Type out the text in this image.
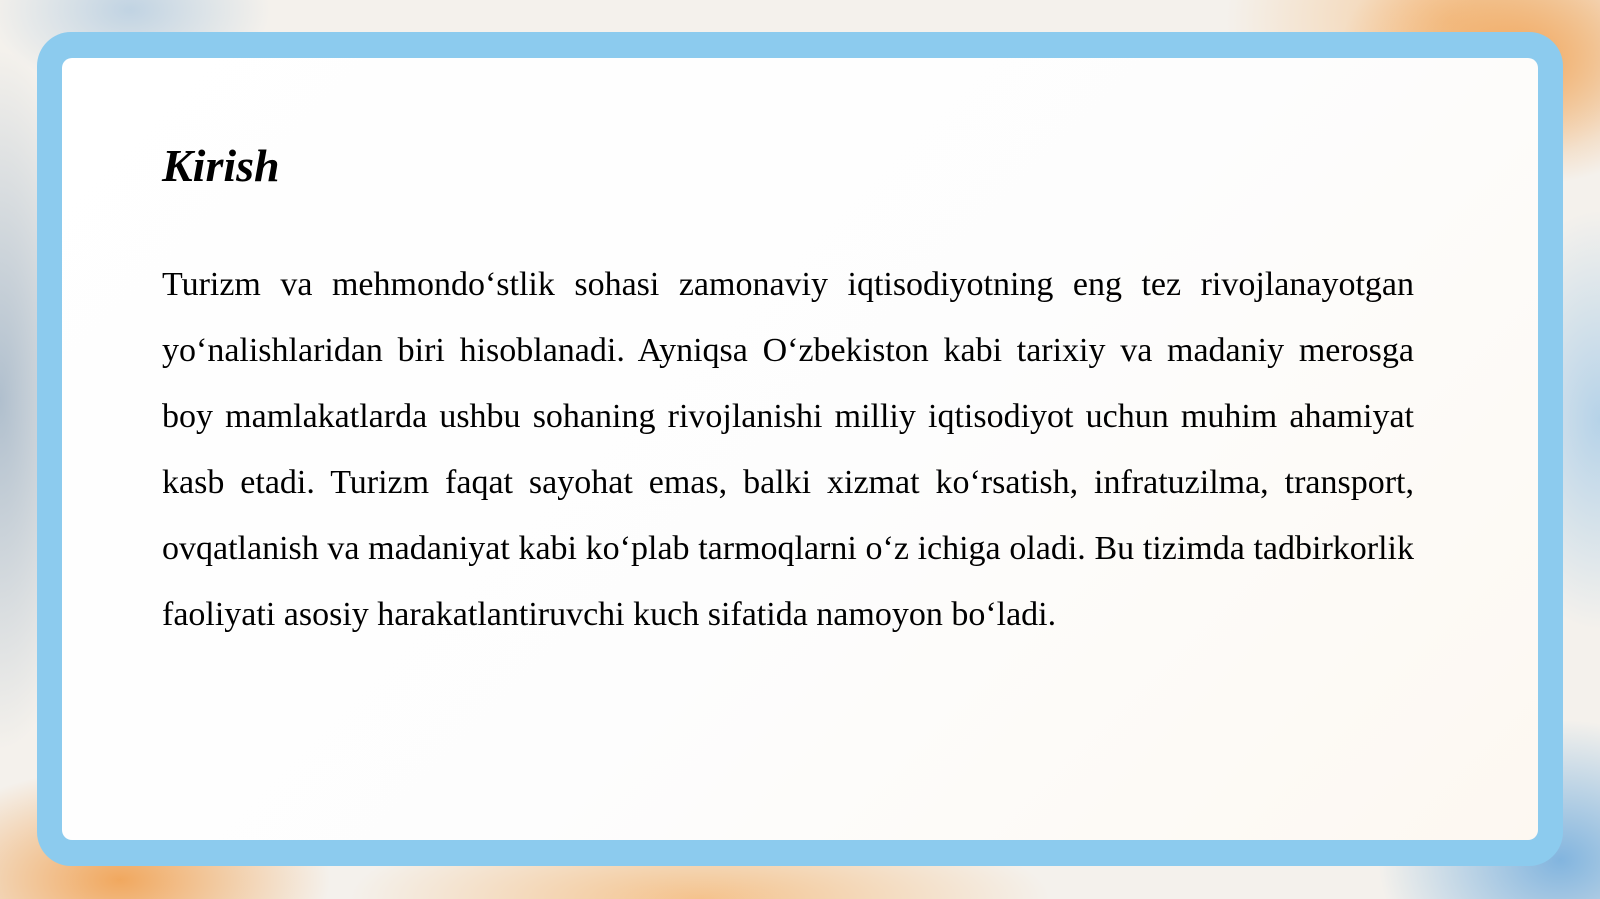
Kirish

Turizm va mehmondo‘stlik sohasi zamonaviy iqtisodiyotning eng tez rivojlanayotgan yo‘nalishlaridan biri hisoblanadi. Ayniqsa O‘zbekiston kabi tarixiy va madaniy merosga boy mamlakatlarda ushbu sohaning rivojlanishi milliy iqtisodiyot uchun muhim ahamiyat kasb etadi. Turizm faqat sayohat emas, balki xizmat ko‘rsatish, infratuzilma, transport, ovqatlanish va madaniyat kabi ko‘plab tarmoqlarni o‘z ichiga oladi. Bu tizimda tadbirkorlik faoliyati asosiy harakatlantiruvchi kuch sifatida namoyon bo‘ladi.
